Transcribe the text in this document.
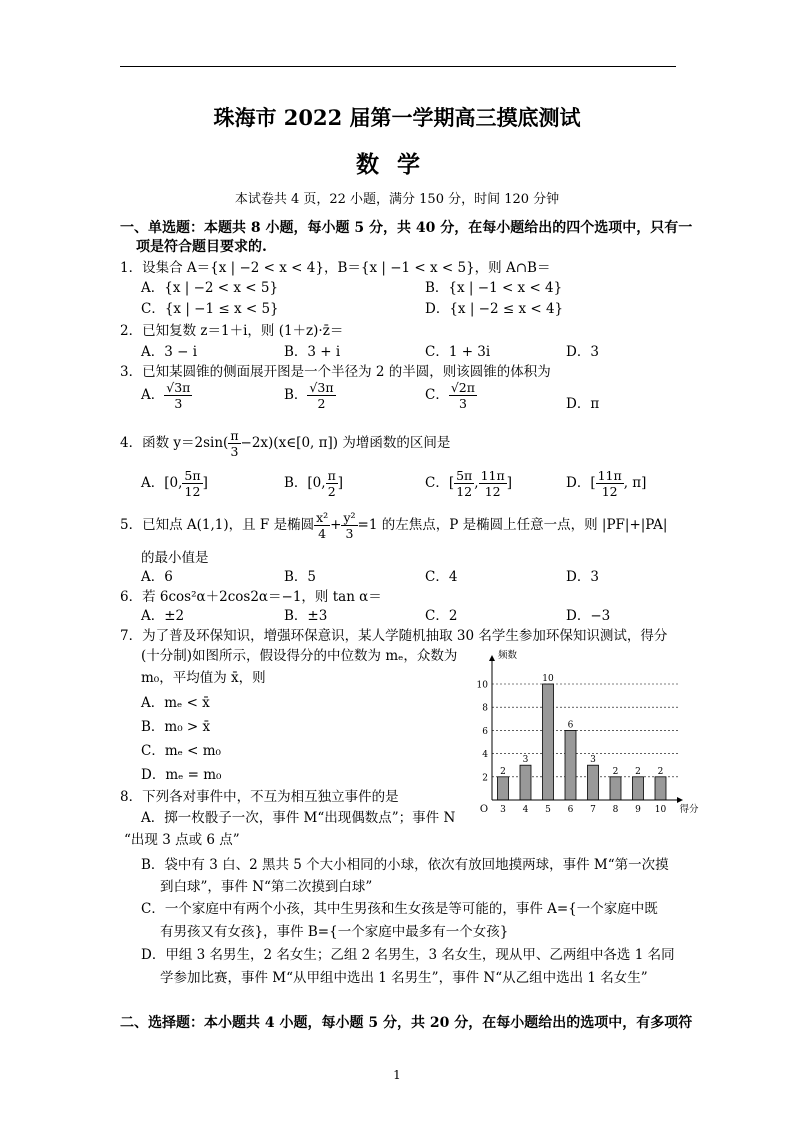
珠海市 2022 届第一学期高三摸底测试
数学
本试卷共 4 页，22 小题，满分 150 分，时间 120 分钟
一、单选题：本题共 8 小题，每小题 5 分，共 40 分，在每小题给出的四个选项中，只有一
项是符合题目要求的.
1．设集合 A＝{x | −2 < x < 4}，B＝{x | −1 < x < 5}，则 A∩B＝
A．{x | −2 < x < 5}	B．{x | −1 < x < 4}
C．{x | −1 ≤ x < 5}	D．{x | −2 ≤ x < 4}
2．已知复数 z＝1＋i，则 (1＋z)·z̄＝
A．3 − i	B．3 + i	C．1 + 3i	D．3
3．已知某圆锥的侧面展开图是一个半径为 2 的半圆，则该圆锥的体积为
A． $\frac{√3\pi}{3}$	B． $\frac{√3\pi}{2}$	C． $\frac{√2\pi}{3}$	D．π
4．函数 $y=2\sin( \frac{\pi}{3}$ −2x)(x∈[0, π]) 为增函数的区间是
A．[0, $\frac{5\pi}{12}$ ]	B．[0, $\frac{\pi}{2}$ ]	C．[ $\frac{5\pi}{12}$ , $\frac{11\pi}{12}$ ]	D．[ $\frac{11\pi}{12}$ , π]
5．已知点 A(1,1)，且 F 是椭圆 $\frac{\text{x²}}{4} + \frac{\text{y²}}{3} =1$ 的左焦点，P 是椭圆上任意一点，则 |PF|+|PA|
的最小值是
A．6	B．5	C．4	D．3
6．若 6cos²α＋2cos2α＝−1，则 tan α＝
A．±2	B．±3	C．2	D．−3
7．为了普及环保知识，增强环保意识，某人学随机抽取 30 名学生参加环保知识测试，得分
(十分制)如图所示，假设得分的中位数为 mₑ，众数为
m₀，平均值为 x̄，则
A．mₑ < x̄
B．m₀ > x̄
C．mₑ < m₀
D．mₑ = m₀	2
4
6
8
10
2
3
3
4
10
5
6
6
3
7
2
8
2
9
2
10
频数
得分
O
8．下列各对事件中，不互为相互独立事件的是
A．掷一枚骰子一次，事件 M“出现偶数点”；事件 N
“出现 3 点或 6 点”
B．袋中有 3 白、2 黑共 5 个大小相同的小球，依次有放回地摸两球，事件 M“第一次摸
到白球”，事件 N“第二次摸到白球”
C．一个家庭中有两个小孩，其中生男孩和生女孩是等可能的，事件 A={一个家庭中既
有男孩又有女孩}，事件 B={一个家庭中最多有一个女孩}
D．甲组 3 名男生，2 名女生；乙组 2 名男生，3 名女生，现从甲、乙两组中各选 1 名同
学参加比赛，事件 M“从甲组中选出 1 名男生”，事件 N“从乙组中选出 1 名女生”
二、选择题：本小题共 4 小题，每小题 5 分，共 20 分，在每小题给出的选项中，有多项符
1
